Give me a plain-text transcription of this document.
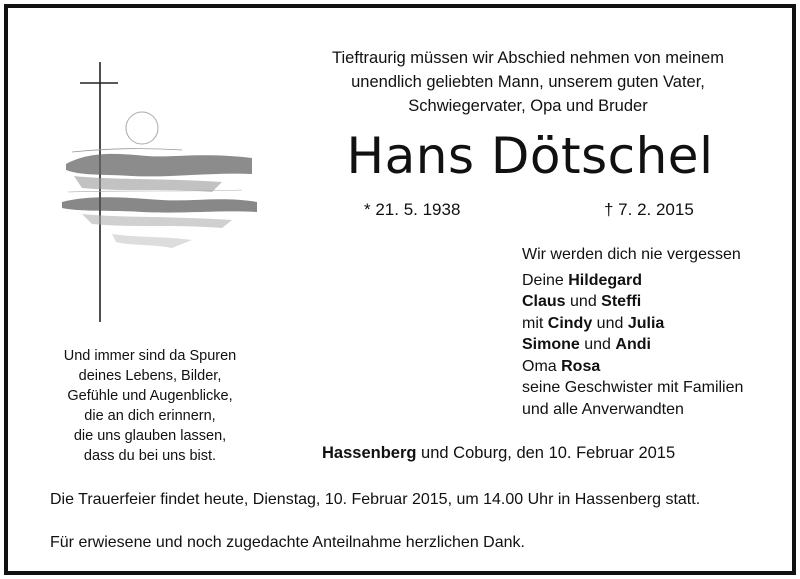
Und immer sind da Spuren
deines Lebens, Bilder,
Gefühle und Augenblicke,
die an dich erinnern,
die uns glauben lassen,
dass du bei uns bist.
Tieftraurig müssen wir Abschied nehmen von meinem
unendlich geliebten Mann, unserem guten Vater,
Schwiegervater, Opa und Bruder
Hans Dötschel
* 21. 5. 1938	† 7. 2. 2015
Wir werden dich nie vergessen
Deine Hildegard
Claus und Steffi
mit Cindy und Julia
Simone und Andi
Oma Rosa
seine Geschwister mit Familien
und alle Anverwandten
Hassenberg und Coburg, den 10. Februar 2015
Die Trauerfeier findet heute, Dienstag, 10. Februar 2015, um 14.00 Uhr in Hassenberg statt.
Für erwiesene und noch zugedachte Anteilnahme herzlichen Dank.
